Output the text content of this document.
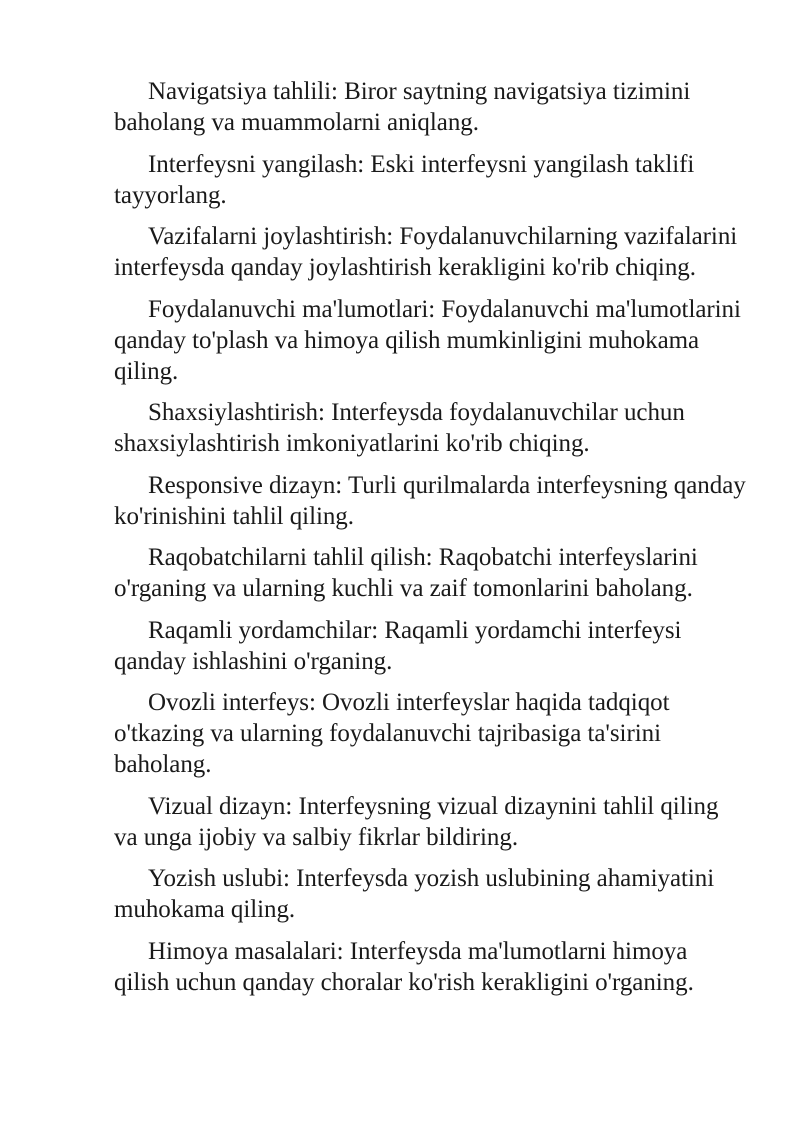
Navigatsiya tahlili: Biror saytning navigatsiya tizimini baholang va muammolarni aniqlang.

Interfeysni yangilash: Eski interfeysni yangilash taklifi tayyorlang.

Vazifalarni joylashtirish: Foydalanuvchilarning vazifalarini interfeysda qanday joylashtirish kerakligini ko'rib chiqing.

Foydalanuvchi ma'lumotlari: Foydalanuvchi ma'lumotlarini qanday to'plash va himoya qilish mumkinligini muhokama qiling.

Shaxsiylashtirish: Interfeysda foydalanuvchilar uchun shaxsiylashtirish imkoniyatlarini ko'rib chiqing.

Responsive dizayn: Turli qurilmalarda interfeysning qanday ko'rinishini tahlil qiling.

Raqobatchilarni tahlil qilish: Raqobatchi interfeyslarini o'rganing va ularning kuchli va zaif tomonlarini baholang.

Raqamli yordamchilar: Raqamli yordamchi interfeysi qanday ishlashini o'rganing.

Ovozli interfeys: Ovozli interfeyslar haqida tadqiqot o'tkazing va ularning foydalanuvchi tajribasiga ta'sirini baholang.

Vizual dizayn: Interfeysning vizual dizaynini tahlil qiling va unga ijobiy va salbiy fikrlar bildiring.

Yozish uslubi: Interfeysda yozish uslubining ahamiyatini muhokama qiling.

Himoya masalalari: Interfeysda ma'lumotlarni himoya qilish uchun qanday choralar ko'rish kerakligini o'rganing.
